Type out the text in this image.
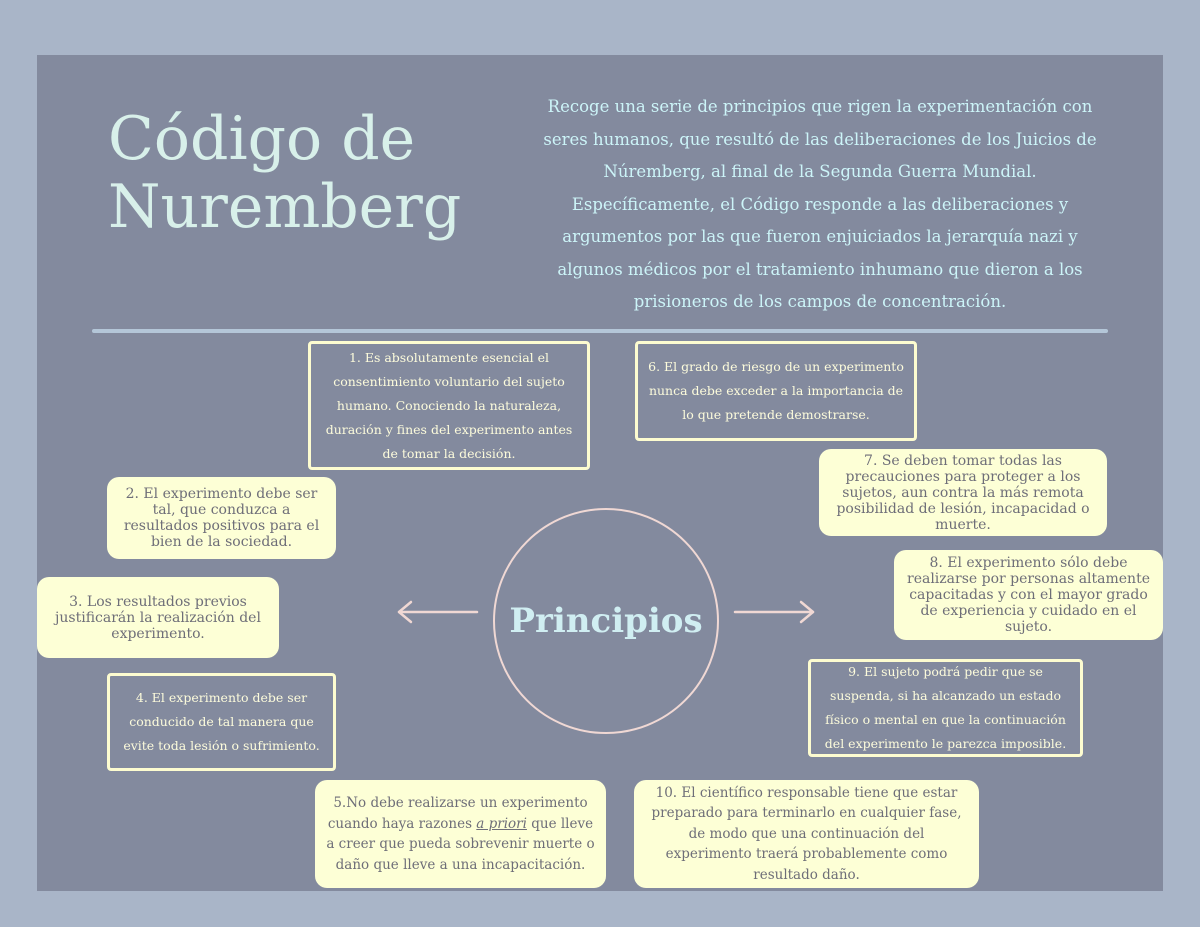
Código de Nuremberg

Recoge una serie de principios que rigen la experimentación con seres humanos, que resultó de las deliberaciones de los Juicios de Núremberg, al final de la Segunda Guerra Mundial. Específicamente, el Código responde a las deliberaciones y argumentos por las que fueron enjuiciados la jerarquía nazi y algunos médicos por el tratamiento inhumano que dieron a los prisioneros de los campos de concentración.

1. Es absolutamente esencial el consentimiento voluntario del sujeto humano. Conociendo la naturaleza, duración y fines del experimento antes de tomar la decisión.
2. El experimento debe ser tal, que conduzca a resultados positivos para el bien de la sociedad.
3. Los resultados previos justificarán la realización del experimento.
4. El experimento debe ser conducido de tal manera que evite toda lesión o sufrimiento.
5.No debe realizarse un experimento cuando haya razones a priori que lleve a creer que pueda sobrevenir muerte o daño que lleve a una incapacitación.
6. El grado de riesgo de un experimento nunca debe exceder a la importancia de lo que pretende demostrarse.
7. Se deben tomar todas las precauciones para proteger a los sujetos, aun contra la más remota posibilidad de lesión, incapacidad o muerte.
8. El experimento sólo debe realizarse por personas altamente capacitadas y con el mayor grado de experiencia y cuidado en el sujeto.
9. El sujeto podrá pedir que se suspenda, si ha alcanzado un estado físico o mental en que la continuación del experimento le parezca imposible.
10. El científico responsable tiene que estar preparado para terminarlo en cualquier fase, de modo que una continuación del experimento traerá probablemente como resultado daño.
Principios
